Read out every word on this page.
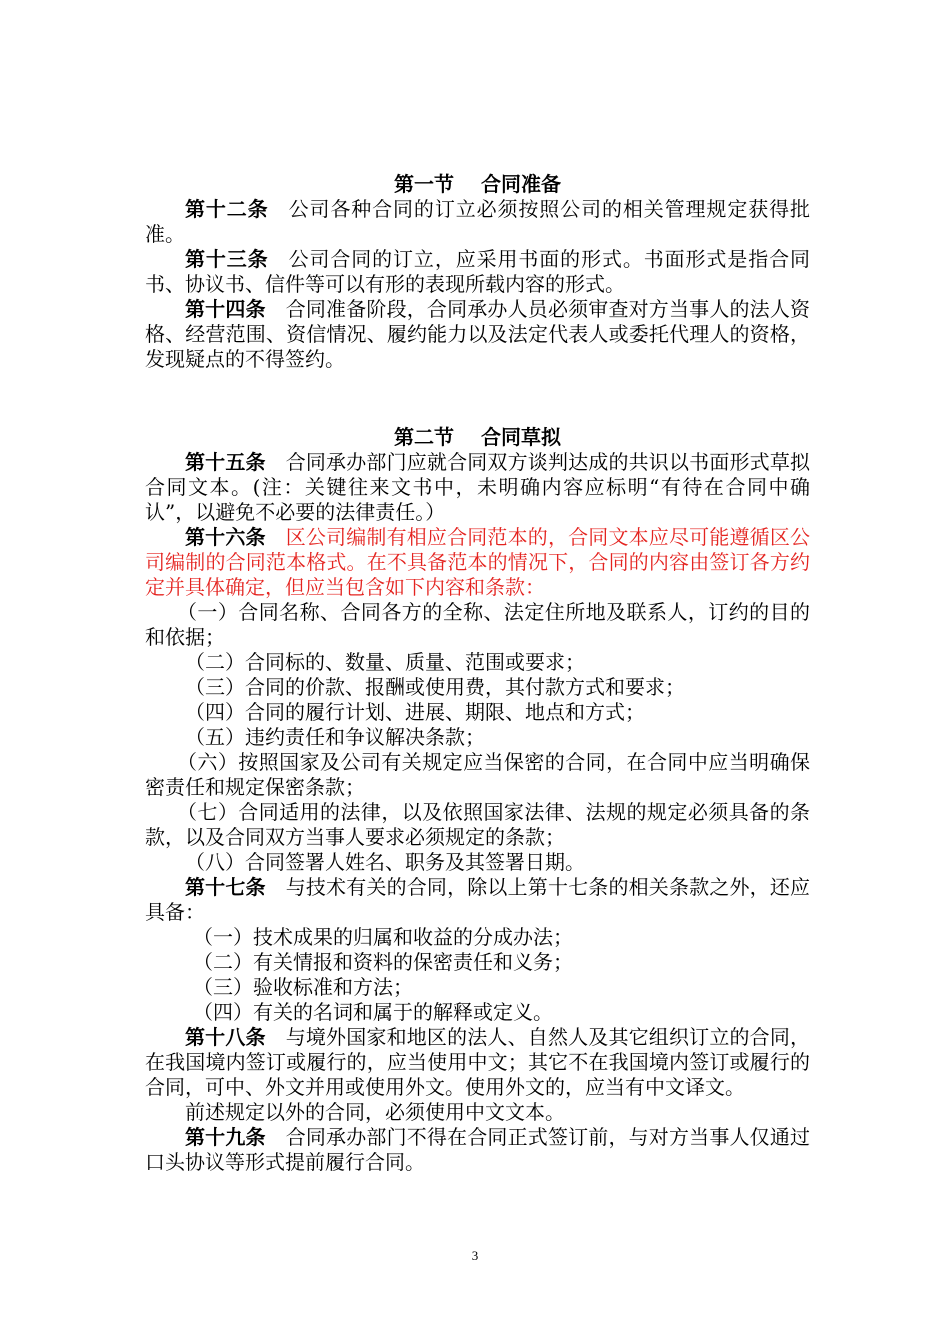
第一节　 合同准备
第十二条 公司各种合同的订立必须按照公司的相关管理规定获得批准。
第十三条 公司合同的订立，应采用书面的形式。书面形式是指合同书、协议书、信件等可以有形的表现所载内容的形式。
第十四条 合同准备阶段，合同承办人员必须审查对方当事人的法人资格、经营范围、资信情况、履约能力以及法定代表人或委托代理人的资格，发现疑点的不得签约。
第二节　 合同草拟
第十五条 合同承办部门应就合同双方谈判达成的共识以书面形式草拟合同文本。(注：关键往来文书中，未明确内容应标明“有待在合同中确认”，以避免不必要的法律责任。）
第十六条 区公司编制有相应合同范本的，合同文本应尽可能遵循区公司编制的合同范本格式。在不具备范本的情况下，合同的内容由签订各方约定并具体确定，但应当包含如下内容和条款：
（一）合同名称、合同各方的全称、法定住所地及联系人，订约的目的和依据；
（二）合同标的、数量、质量、范围或要求；
（三）合同的价款、报酬或使用费，其付款方式和要求；
（四）合同的履行计划、进展、期限、地点和方式；
（五）违约责任和争议解决条款；
（六）按照国家及公司有关规定应当保密的合同，在合同中应当明确保密责任和规定保密条款；
（七）合同适用的法律，以及依照国家法律、法规的规定必须具备的条款，以及合同双方当事人要求必须规定的条款；
（八）合同签署人姓名、职务及其签署日期。
第十七条 与技术有关的合同，除以上第十七条的相关条款之外，还应具备：
（一）技术成果的归属和收益的分成办法；
（二）有关情报和资料的保密责任和义务；
（三）验收标准和方法；
（四）有关的名词和属于的解释或定义。
第十八条 与境外国家和地区的法人、自然人及其它组织订立的合同，在我国境内签订或履行的，应当使用中文；其它不在我国境内签订或履行的合同，可中、外文并用或使用外文。使用外文的，应当有中文译文。
前述规定以外的合同，必须使用中文文本。
第十九条 合同承办部门不得在合同正式签订前，与对方当事人仅通过口头协议等形式提前履行合同。
3
